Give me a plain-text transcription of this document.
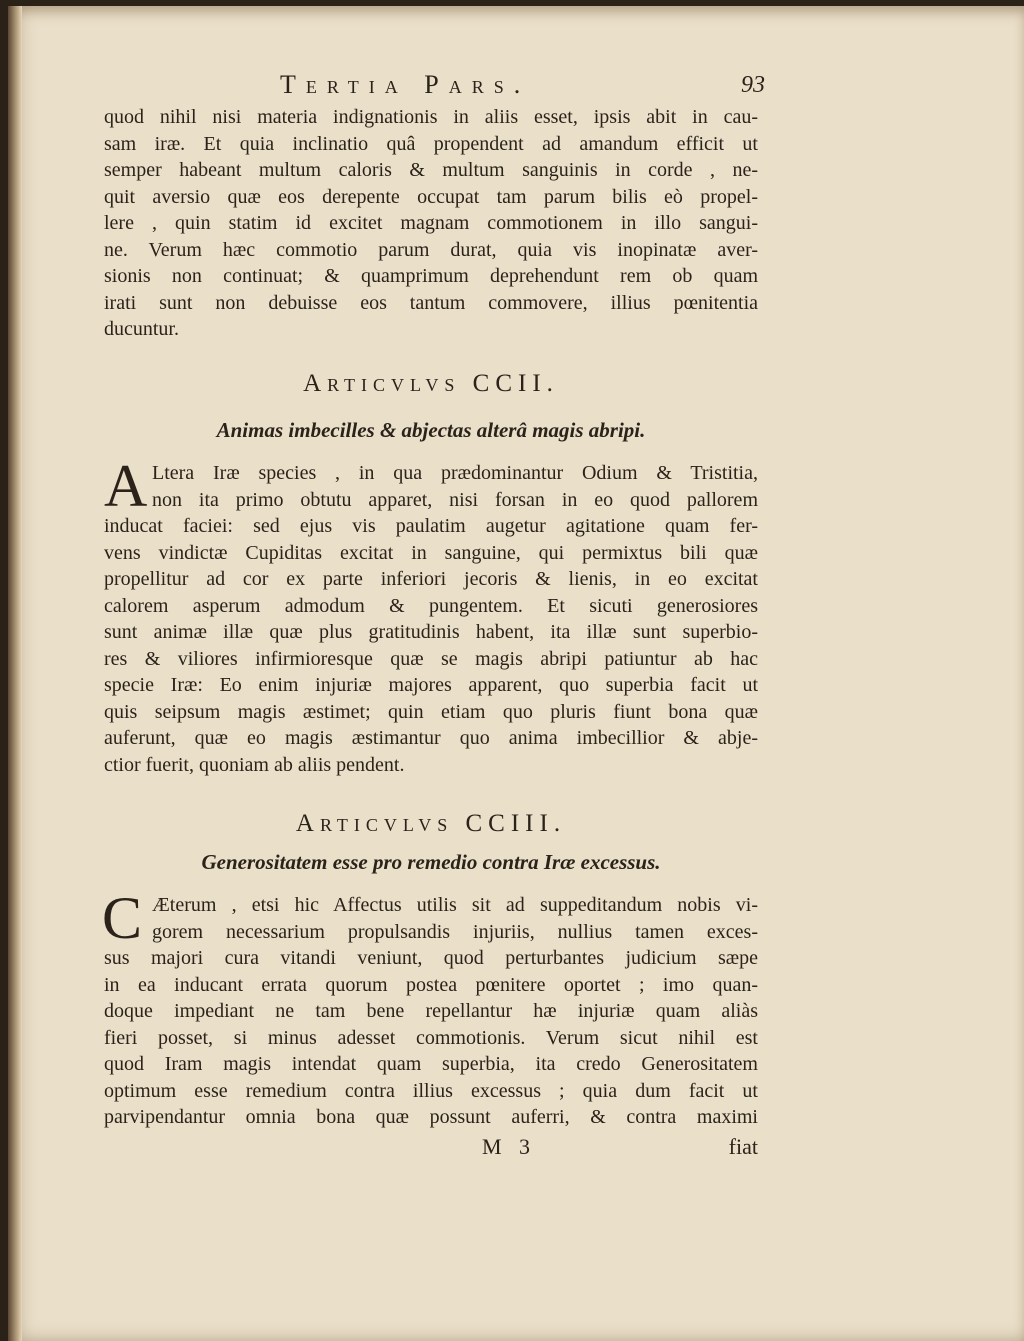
Tertia Pars.	93
quod nihil nisi materia indignationis in aliis esset, ipsis abit in cau-
sam iræ. Et quia inclinatio quâ propendent ad amandum efficit ut
semper habeant multum caloris & multum sanguinis in corde , ne-
quit aversio quæ eos derepente occupat tam parum bilis eò propel-
lere , quin statim id excitet magnam commotionem in illo sangui-
ne. Verum hæc commotio parum durat, quia vis inopinatæ aver-
sionis non continuat; & quamprimum deprehendunt rem ob quam
irati sunt non debuisse eos tantum commovere, illius pœnitentia
ducuntur.
Articvlvs CCII.
Animas imbecilles & abjectas alterâ magis abripi.
A Ltera Iræ species , in qua prædominantur Odium & Tristitia,
non ita primo obtutu apparet, nisi forsan in eo quod pallorem
inducat faciei: sed ejus vis paulatim augetur agitatione quam fer-
vens vindictæ Cupiditas excitat in sanguine, qui permixtus bili quæ
propellitur ad cor ex parte inferiori jecoris & lienis, in eo excitat
calorem asperum admodum & pungentem. Et sicuti generosiores
sunt animæ illæ quæ plus gratitudinis habent, ita illæ sunt superbio-
res & viliores infirmioresque quæ se magis abripi patiuntur ab hac
specie Iræ: Eo enim injuriæ majores apparent, quo superbia facit ut
quis seipsum magis æstimet; quin etiam quo pluris fiunt bona quæ
auferunt, quæ eo magis æstimantur quo anima imbecillior & abje-
ctior fuerit, quoniam ab aliis pendent.
Articvlvs CCIII.
Generositatem esse pro remedio contra Iræ excessus.
C Æterum , etsi hic Affectus utilis sit ad suppeditandum nobis vi-
gorem necessarium propulsandis injuriis, nullius tamen exces-
sus majori cura vitandi veniunt, quod perturbantes judicium sæpe
in ea inducant errata quorum postea pœnitere oportet ; imo quan-
doque impediant ne tam bene repellantur hæ injuriæ quam aliàs
fieri posset, si minus adesset commotionis. Verum sicut nihil est
quod Iram magis intendat quam superbia, ita credo Generositatem
optimum esse remedium contra illius excessus ; quia dum facit ut
parvipendantur omnia bona quæ possunt auferri, & contra maximi
M 3	fiat
